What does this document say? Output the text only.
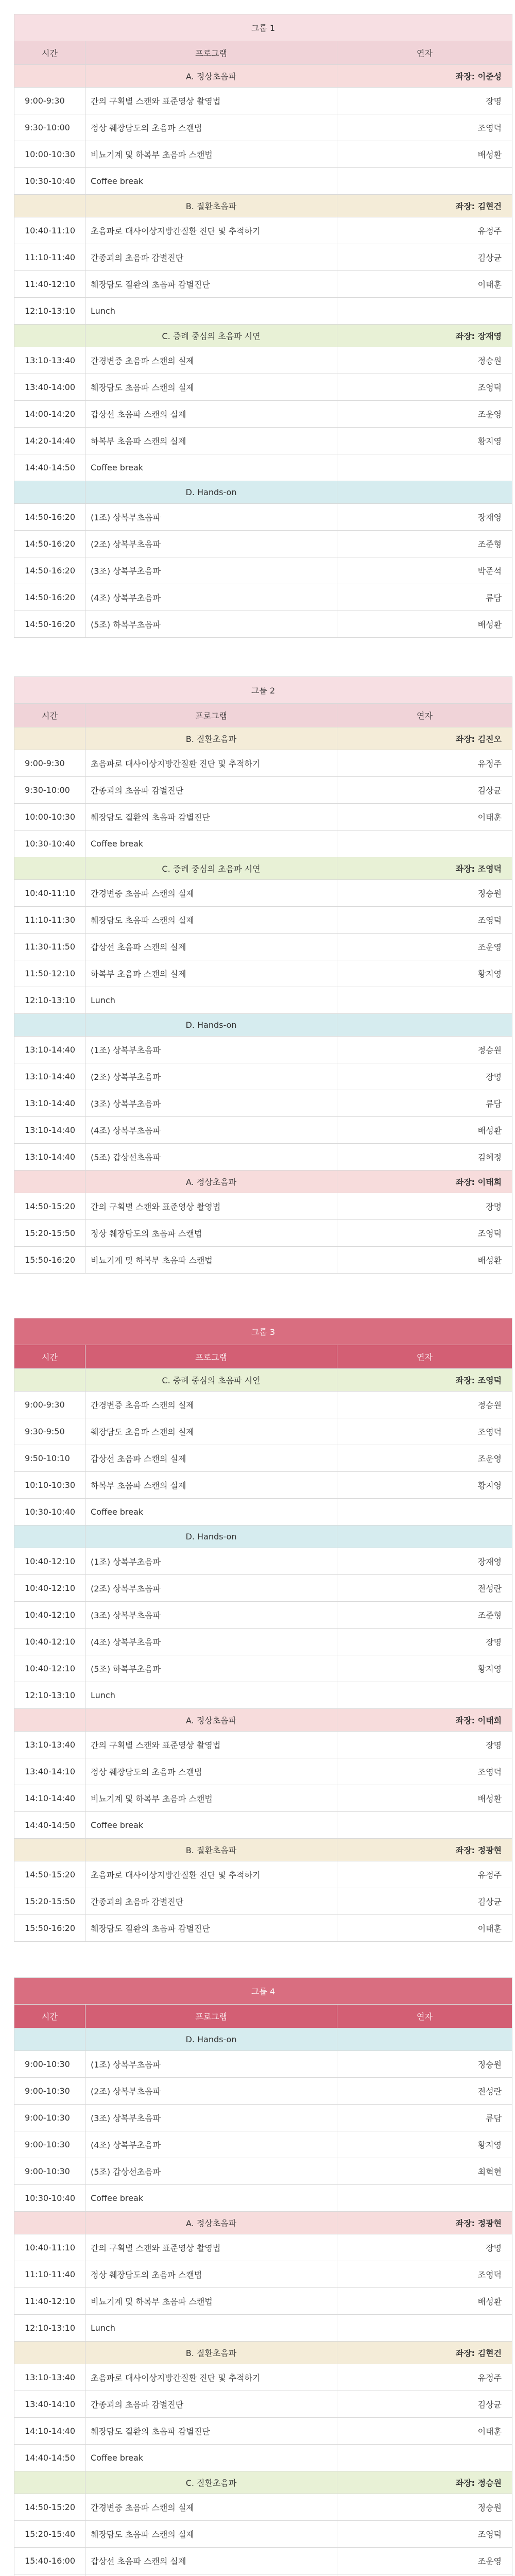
그룹 1		
시간	프로그램	연자
	A. 정상초음파	좌장: 이준성
9:00-9:30	간의 구획별 스캔와 표준영상 촬영법	장명
9:30-10:00	정상 췌장담도의 초음파 스캔법	조영덕
10:00-10:30	비뇨기계 및 하복부 초음파 스캔법	배성환
10:30-10:40	Coffee break	
	B. 질환초음파	좌장: 김현건
10:40-11:10	초음파로 대사이상지방간질환 진단 및 추적하기	유정주
11:10-11:40	간종괴의 초음파 감별진단	김상균
11:40-12:10	췌장담도 질환의 초음파 감별진단	이태훈
12:10-13:10	Lunch	
	C. 증례 중심의 초음파 시연	좌장: 장재영
13:10-13:40	간경변증 초음파 스캔의 실제	정승원
13:40-14:00	췌장담도 초음파 스캔의 실제	조영덕
14:00-14:20	갑상선 초음파 스캔의 실제	조운영
14:20-14:40	하복부 초음파 스캔의 실제	황지영
14:40-14:50	Coffee break	
	D. Hands-on	
14:50-16:20	(1조) 상복부초음파	장재영
14:50-16:20	(2조) 상복부초음파	조준형
14:50-16:20	(3조) 상복부초음파	박준석
14:50-16:20	(4조) 상복부초음파	류담
14:50-16:20	(5조) 하복부초음파	배성환
그룹 2		
시간	프로그램	연자
	B. 질환초음파	좌장: 김진오
9:00-9:30	초음파로 대사이상지방간질환 진단 및 추적하기	유정주
9:30-10:00	간종괴의 초음파 감별진단	김상균
10:00-10:30	췌장담도 질환의 초음파 감별진단	이태훈
10:30-10:40	Coffee break	
	C. 증례 중심의 초음파 시연	좌장: 조영덕
10:40-11:10	간경변증 초음파 스캔의 실제	정승원
11:10-11:30	췌장담도 초음파 스캔의 실제	조영덕
11:30-11:50	갑상선 초음파 스캔의 실제	조운영
11:50-12:10	하복부 초음파 스캔의 실제	황지영
12:10-13:10	Lunch	
	D. Hands-on	
13:10-14:40	(1조) 상복부초음파	정승원
13:10-14:40	(2조) 상복부초음파	장명
13:10-14:40	(3조) 상복부초음파	류담
13:10-14:40	(4조) 상복부초음파	배성환
13:10-14:40	(5조) 갑상선초음파	김혜정
	A. 정상초음파	좌장: 이태희
14:50-15:20	간의 구획별 스캔와 표준영상 촬영법	장명
15:20-15:50	정상 췌장담도의 초음파 스캔법	조영덕
15:50-16:20	비뇨기계 및 하복부 초음파 스캔법	배성환
그룹 3		
시간	프로그램	연자
	C. 증례 중심의 초음파 시연	좌장: 조영덕
9:00-9:30	간경변증 초음파 스캔의 실제	정승원
9:30-9:50	췌장담도 초음파 스캔의 실제	조영덕
9:50-10:10	갑상선 초음파 스캔의 실제	조운영
10:10-10:30	하복부 초음파 스캔의 실제	황지영
10:30-10:40	Coffee break	
	D. Hands-on	
10:40-12:10	(1조) 상복부초음파	장재영
10:40-12:10	(2조) 상복부초음파	전성란
10:40-12:10	(3조) 상복부초음파	조준형
10:40-12:10	(4조) 상복부초음파	장명
10:40-12:10	(5조) 하복부초음파	황지영
12:10-13:10	Lunch	
	A. 정상초음파	좌장: 이태희
13:10-13:40	간의 구획별 스캔와 표준영상 촬영법	장명
13:40-14:10	정상 췌장담도의 초음파 스캔법	조영덕
14:10-14:40	비뇨기계 및 하복부 초음파 스캔법	배성환
14:40-14:50	Coffee break	
	B. 질환초음파	좌장: 정광현
14:50-15:20	초음파로 대사이상지방간질환 진단 및 추적하기	유정주
15:20-15:50	간종괴의 초음파 감별진단	김상균
15:50-16:20	췌장담도 질환의 초음파 감별진단	이태훈
그룹 4		
시간	프로그램	연자
	D. Hands-on	
9:00-10:30	(1조) 상복부초음파	정승원
9:00-10:30	(2조) 상복부초음파	전성란
9:00-10:30	(3조) 상복부초음파	류담
9:00-10:30	(4조) 상복부초음파	황지영
9:00-10:30	(5조) 갑상선초음파	최혁현
10:30-10:40	Coffee break	
	A. 정상초음파	좌장: 정광현
10:40-11:10	간의 구획별 스캔와 표준영상 촬영법	장명
11:10-11:40	정상 췌장담도의 초음파 스캔법	조영덕
11:40-12:10	비뇨기계 및 하복부 초음파 스캔법	배성환
12:10-13:10	Lunch	
	B. 질환초음파	좌장: 김현건
13:10-13:40	초음파로 대사이상지방간질환 진단 및 추적하기	유정주
13:40-14:10	간종괴의 초음파 감별진단	김상균
14:10-14:40	췌장담도 질환의 초음파 감별진단	이태훈
14:40-14:50	Coffee break	
	C. 질환초음파	좌장: 정승원
14:50-15:20	간경변증 초음파 스캔의 실제	정승원
15:20-15:40	췌장담도 초음파 스캔의 실제	조영덕
15:40-16:00	갑상선 초음파 스캔의 실제	조운영
